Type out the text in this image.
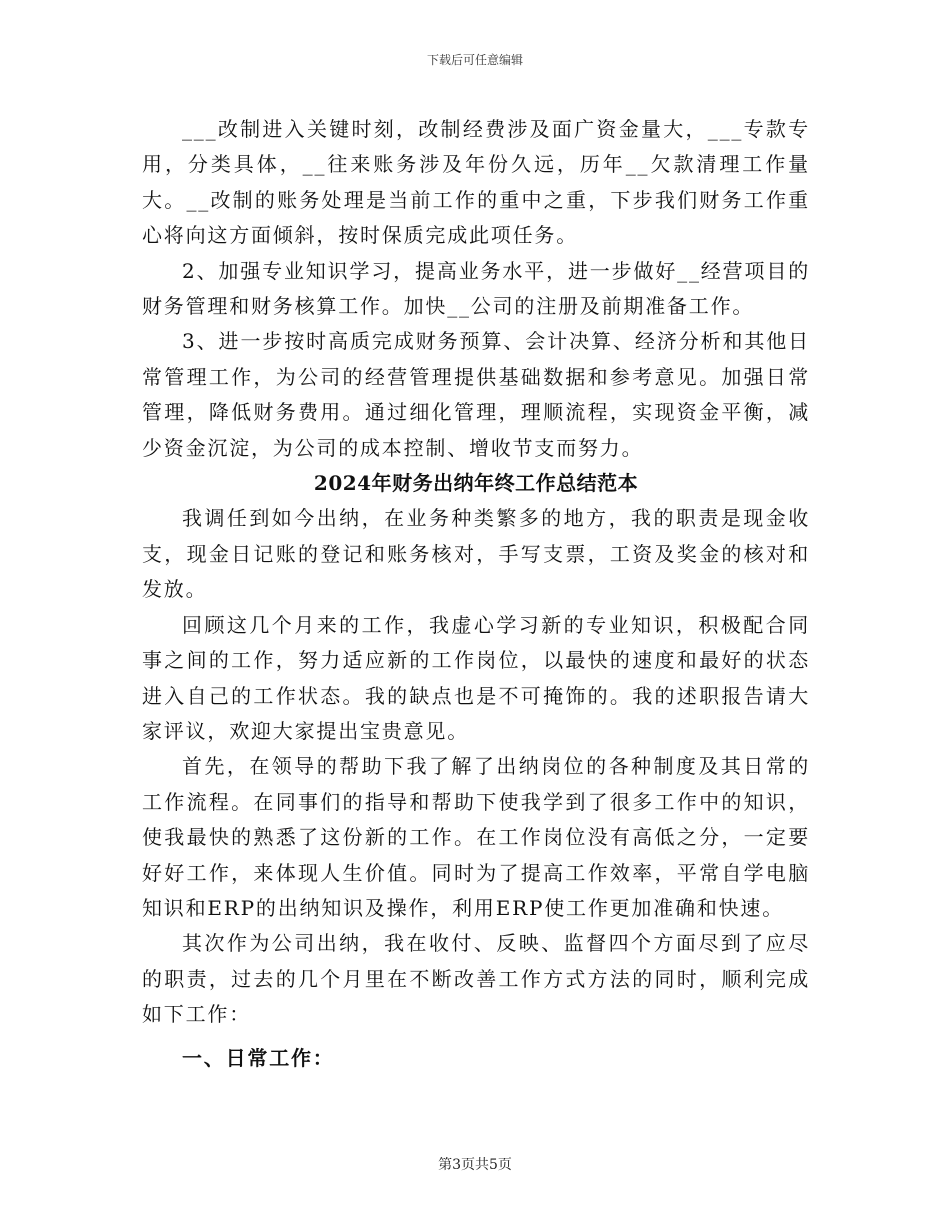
下载后可任意编辑

___改制进入关键时刻，改制经费涉及面广资金量大，___专款专用，分类具体，__往来账务涉及年份久远，历年__欠款清理工作量大。__改制的账务处理是当前工作的重中之重，下步我们财务工作重心将向这方面倾斜，按时保质完成此项任务。

2、加强专业知识学习，提高业务水平，进一步做好__经营项目的财务管理和财务核算工作。加快__公司的注册及前期准备工作。

3、进一步按时高质完成财务预算、会计决算、经济分析和其他日常管理工作，为公司的经营管理提供基础数据和参考意见。加强日常管理，降低财务费用。通过细化管理，理顺流程，实现资金平衡，减少资金沉淀，为公司的成本控制、增收节支而努力。

2024年财务出纳年终工作总结范本

我调任到如今出纳，在业务种类繁多的地方，我的职责是现金收支，现金日记账的登记和账务核对，手写支票，工资及奖金的核对和发放。

回顾这几个月来的工作，我虚心学习新的专业知识，积极配合同事之间的工作，努力适应新的工作岗位，以最快的速度和最好的状态进入自己的工作状态。我的缺点也是不可掩饰的。我的述职报告请大家评议，欢迎大家提出宝贵意见。

首先，在领导的帮助下我了解了出纳岗位的各种制度及其日常的工作流程。在同事们的指导和帮助下使我学到了很多工作中的知识，使我最快的熟悉了这份新的工作。在工作岗位没有高低之分，一定要好好工作，来体现人生价值。同时为了提高工作效率，平常自学电脑知识和ERP的出纳知识及操作，利用ERP使工作更加准确和快速。

其次作为公司出纳，我在收付、反映、监督四个方面尽到了应尽的职责，过去的几个月里在不断改善工作方式方法的同时，顺利完成如下工作：

一、日常工作：

第3页共5页
